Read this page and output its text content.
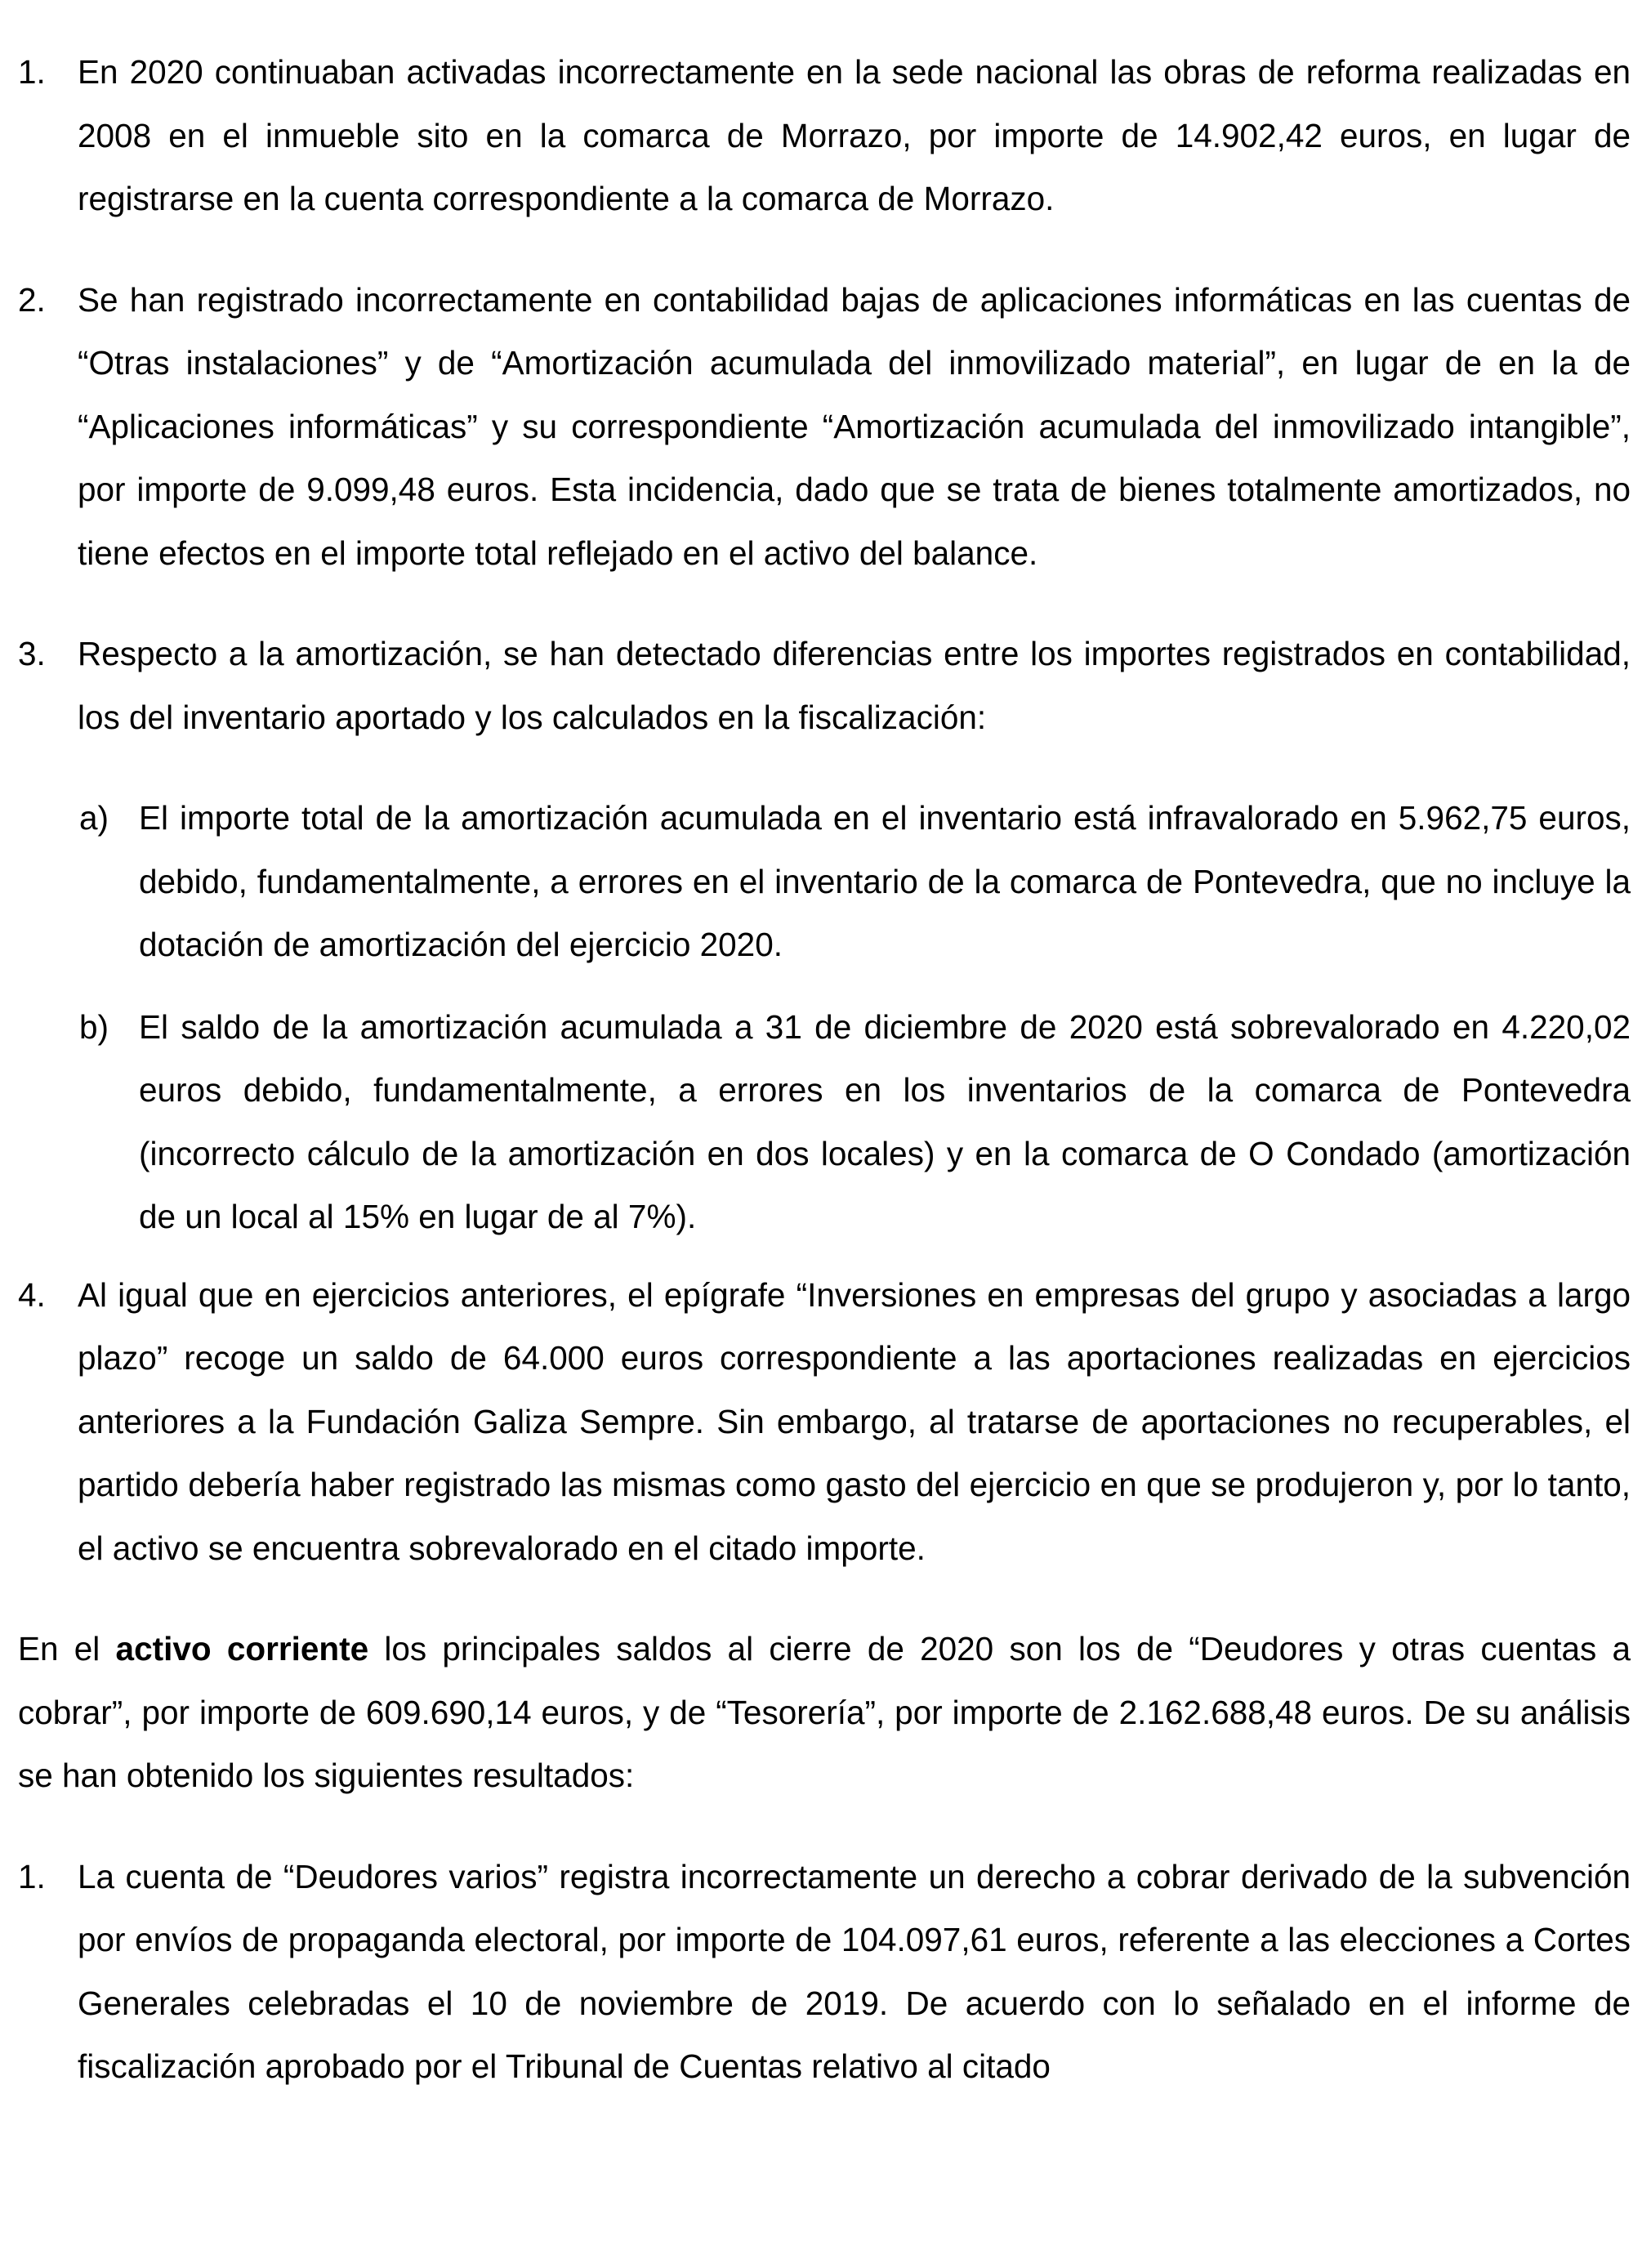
1. En 2020 continuaban activadas incorrectamente en la sede nacional las obras de reforma realizadas en 2008 en el inmueble sito en la comarca de Morrazo, por importe de 14.902,42 euros, en lugar de registrarse en la cuenta correspondiente a la comarca de Morrazo.
2. Se han registrado incorrectamente en contabilidad bajas de aplicaciones informáticas en las cuentas de “Otras instalaciones” y de “Amortización acumulada del inmovilizado material”, en lugar de en la de “Aplicaciones informáticas” y su correspondiente “Amortización acumulada del inmovilizado intangible”, por importe de 9.099,48 euros. Esta incidencia, dado que se trata de bienes totalmente amortizados, no tiene efectos en el importe total reflejado en el activo del balance.
3. Respecto a la amortización, se han detectado diferencias entre los importes registrados en contabilidad, los del inventario aportado y los calculados en la fiscalización:
a) El importe total de la amortización acumulada en el inventario está infravalorado en 5.962,75 euros, debido, fundamentalmente, a errores en el inventario de la comarca de Pontevedra, que no incluye la dotación de amortización del ejercicio 2020.
b) El saldo de la amortización acumulada a 31 de diciembre de 2020 está sobrevalorado en 4.220,02 euros debido, fundamentalmente, a errores en los inventarios de la comarca de Pontevedra (incorrecto cálculo de la amortización en dos locales) y en la comarca de O Condado (amortización de un local al 15% en lugar de al 7%).
4. Al igual que en ejercicios anteriores, el epígrafe “Inversiones en empresas del grupo y asociadas a largo plazo” recoge un saldo de 64.000 euros correspondiente a las aportaciones realizadas en ejercicios anteriores a la Fundación Galiza Sempre. Sin embargo, al tratarse de aportaciones no recuperables, el partido debería haber registrado las mismas como gasto del ejercicio en que se produjeron y, por lo tanto, el activo se encuentra sobrevalorado en el citado importe.

En el activo corriente los principales saldos al cierre de 2020 son los de “Deudores y otras cuentas a cobrar”, por importe de 609.690,14 euros, y de “Tesorería”, por importe de 2.162.688,48 euros. De su análisis se han obtenido los siguientes resultados:

1. La cuenta de “Deudores varios” registra incorrectamente un derecho a cobrar derivado de la subvención por envíos de propaganda electoral, por importe de 104.097,61 euros, referente a las elecciones a Cortes Generales celebradas el 10 de noviembre de 2019. De acuerdo con lo señalado en el informe de fiscalización aprobado por el Tribunal de Cuentas relativo al citado
